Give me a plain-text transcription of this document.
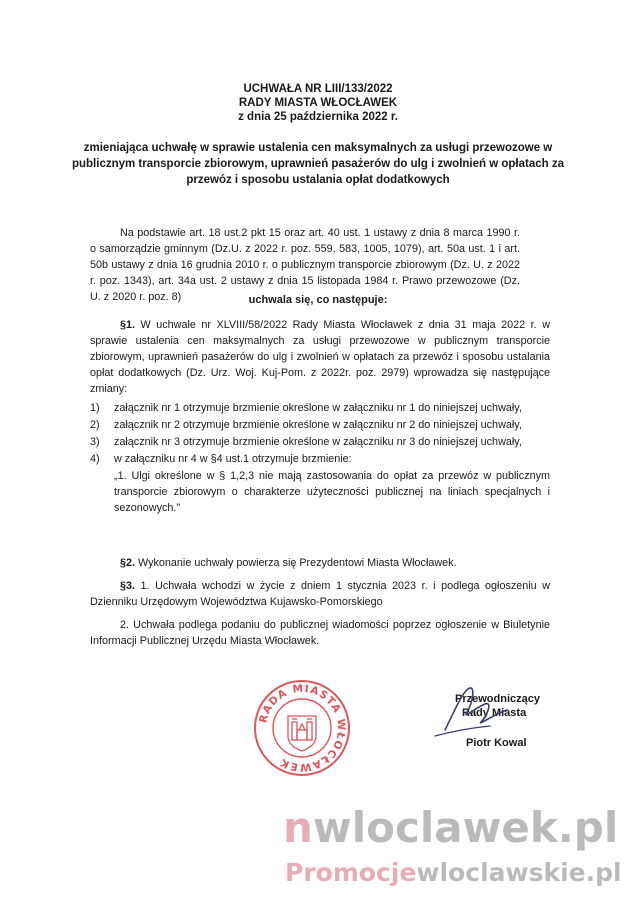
UCHWAŁA NR LIII/133/2022
RADY MIASTA WŁOCŁAWEK
z dnia 25 października 2022 r.
zmieniająca uchwałę w sprawie ustalenia cen maksymalnych za usługi przewozowe w
publicznym transporcie zbiorowym, uprawnień pasażerów do ulg i zwolnień w opłatach za
przewóz i sposobu ustalania opłat dodatkowych
Na podstawie art. 18 ust.2 pkt 15 oraz art. 40 ust. 1 ustawy z dnia 8 marca 1990 r. o samorządzie gminnym (Dz.U. z 2022 r. poz. 559, 583, 1005, 1079), art. 50a ust. 1 i art. 50b ustawy z dnia 16 grudnia 2010 r. o publicznym transporcie zbiorowym (Dz. U. z 2022 r. poz. 1343), art. 34a ust. 2 ustawy z dnia 15 listopada 1984 r. Prawo przewozowe (Dz. U. z 2020 r. poz. 8)	uchwala się, co następuje:
§1. W uchwale nr XLVIII/58/2022 Rady Miasta Włocławek z dnia 31 maja 2022 r. w sprawie ustalenia cen maksymalnych za usługi przewozowe w publicznym transporcie zbiorowym, uprawnień pasażerów do ulg i zwolnień w opłatach za przewóz i sposobu ustalania opłat dodatkowych (Dz. Urz. Woj. Kuj-Pom. z 2022r. poz. 2979) wprowadza się następujące zmiany:
1)	załącznik nr 1 otrzymuje brzmienie określone w załączniku nr 1 do niniejszej uchwały,
2)	załącznik nr 2 otrzymuje brzmienie określone w załączniku nr 2 do niniejszej uchwały,
3)	załącznik nr 3 otrzymuje brzmienie określone w załączniku nr 3 do niniejszej uchwały,
4)	w załączniku nr 4 w §4 ust.1 otrzymuje brzmienie:
„1. Ulgi określone w § 1,2,3 nie mają zastosowania do opłat za przewóz w publicznym transporcie zbiorowym o charakterze użyteczności publicznej na liniach specjalnych i sezonowych."
§2. Wykonanie uchwały powierza się Prezydentowi Miasta Włocławek.
§3. 1. Uchwała wchodzi w życie z dniem 1 stycznia 2023 r. i podlega ogłoszeniu w Dzienniku Urzędowym Województwa Kujawsko-Pomorskiego
2. Uchwała podlega podaniu do publicznej wiadomości poprzez ogłoszenie w Biuletynie Informacji Publicznej Urzędu Miasta Włocławek.
RADA MIASTA WŁOCŁAWEK
Przewodniczący
Rady Miasta
Piotr Kowal
nwloclawek.pl
Promocjewloclawskie.pl
